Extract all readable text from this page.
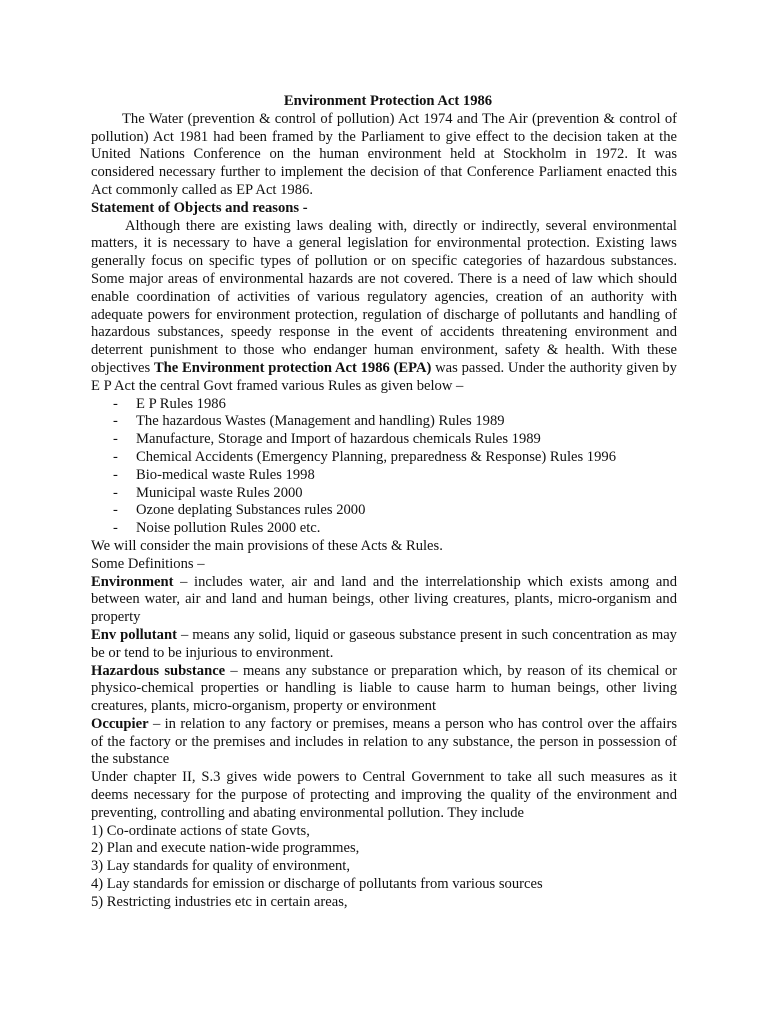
Environment Protection Act 1986

The Water (prevention & control of pollution) Act 1974 and The Air (prevention & control of pollution) Act 1981 had been framed by the Parliament to give effect to the decision taken at the United Nations Conference on the human environment held at Stockholm in 1972. It was considered necessary further to implement the decision of that Conference Parliament enacted this Act commonly called as EP Act 1986.

Statement of Objects and reasons -

Although there are existing laws dealing with, directly or indirectly, several environmental matters, it is necessary to have a general legislation for environmental protection. Existing laws generally focus on specific types of pollution or on specific categories of hazardous substances. Some major areas of environmental hazards are not covered. There is a need of law which should enable coordination of activities of various regulatory agencies, creation of an authority with adequate powers for environment protection, regulation of discharge of pollutants and handling of hazardous substances, speedy response in the event of accidents threatening environment and deterrent punishment to those who endanger human environment, safety & health. With these objectives The Environment protection Act 1986 (EPA) was passed. Under the authority given by E P Act the central Govt framed various Rules as given below –

- E P Rules 1986
- The hazardous Wastes (Management and handling) Rules 1989
- Manufacture, Storage and Import of hazardous chemicals Rules 1989
- Chemical Accidents (Emergency Planning, preparedness & Response) Rules 1996
- Bio-medical waste Rules 1998
- Municipal waste Rules 2000
- Ozone deplating Substances rules 2000
- Noise pollution Rules 2000 etc.

We will consider the main provisions of these Acts & Rules.

Some Definitions –

Environment – includes water, air and land and the interrelationship which exists among and between water, air and land and human beings, other living creatures, plants, micro-organism and property

Env pollutant – means any solid, liquid or gaseous substance present in such concentration as may be or tend to be injurious to environment.

Hazardous substance – means any substance or preparation which, by reason of its chemical or physico-chemical properties or handling is liable to cause harm to human beings, other living creatures, plants, micro-organism, property or environment

Occupier – in relation to any factory or premises, means a person who has control over the affairs of the factory or the premises and includes in relation to any substance, the person in possession of the substance

Under chapter II, S.3 gives wide powers to Central Government to take all such measures as it deems necessary for the purpose of protecting and improving the quality of the environment and preventing, controlling and abating environmental pollution. They include

1) Co-ordinate actions of state Govts,

2) Plan and execute nation-wide programmes,

3) Lay standards for quality of environment,

4) Lay standards for emission or discharge of pollutants from various sources

5) Restricting industries etc in certain areas,
